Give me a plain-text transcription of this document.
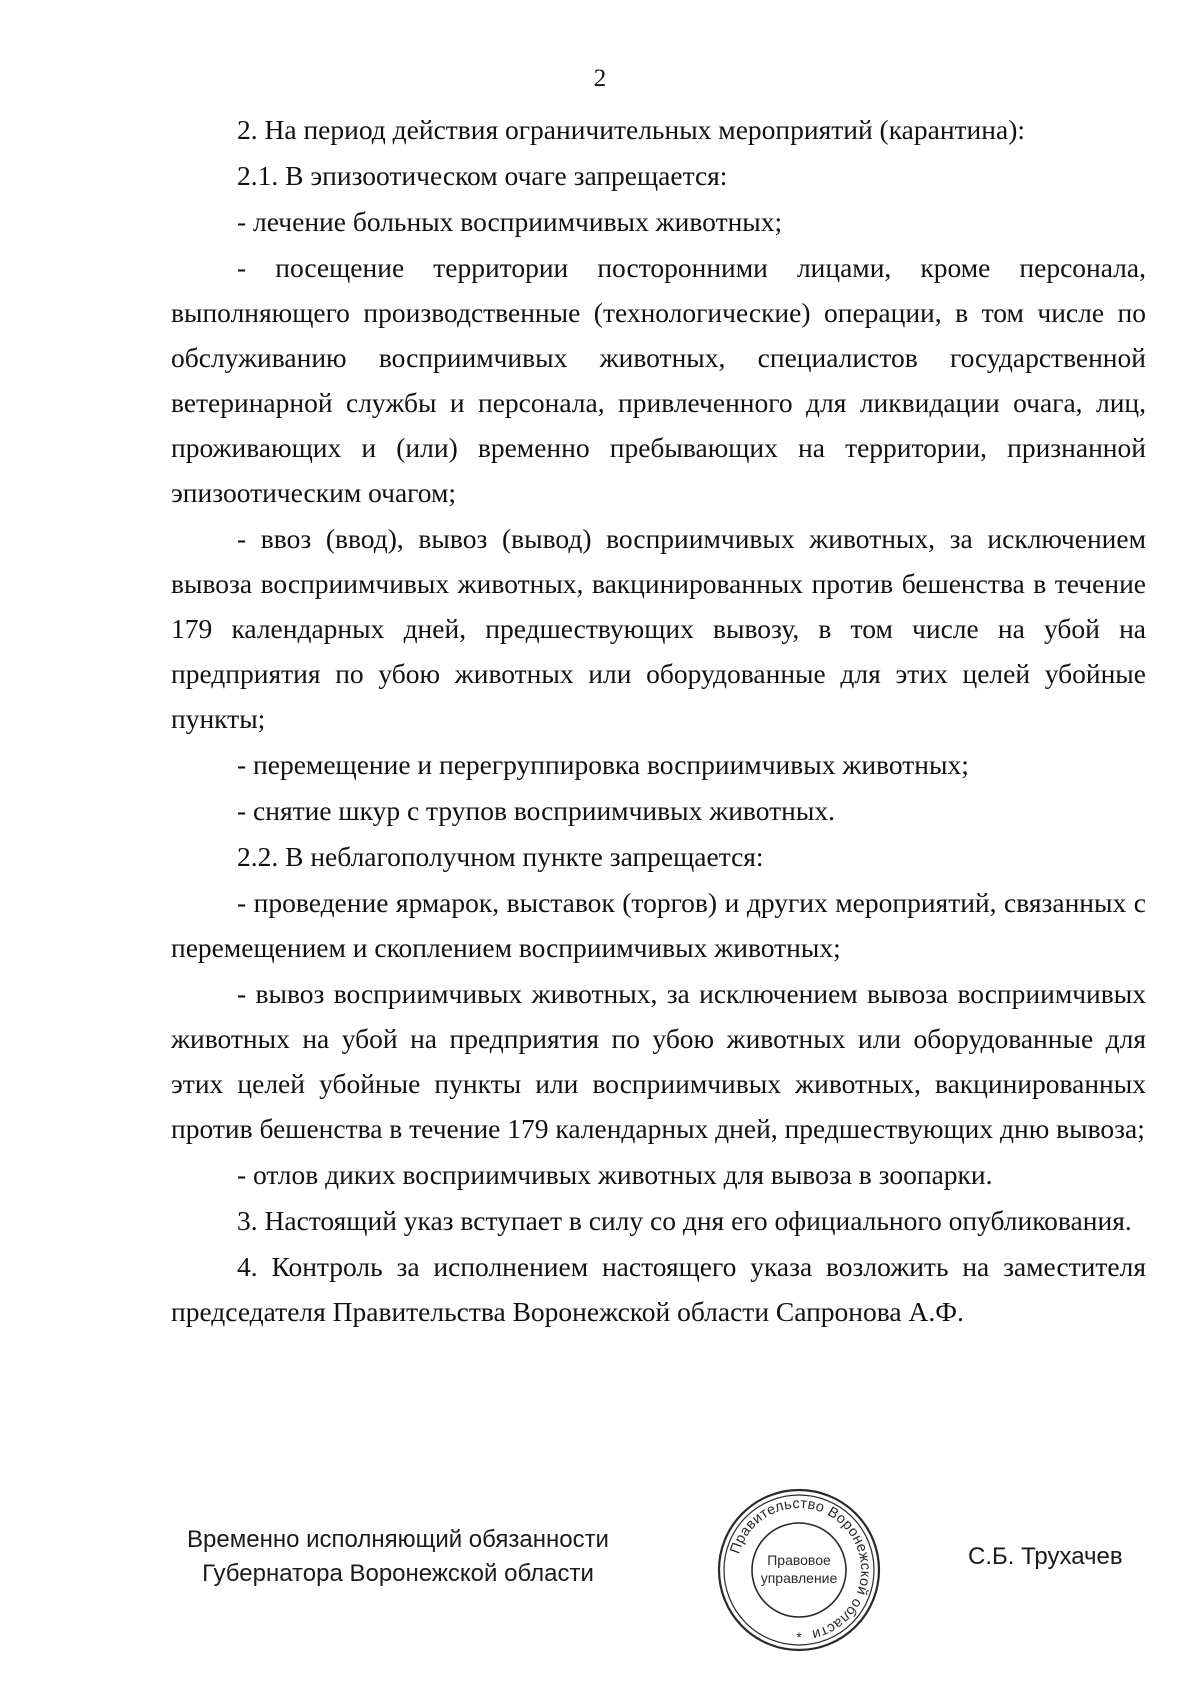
2

2. На период действия ограничительных мероприятий (карантина):

2.1. В эпизоотическом очаге запрещается:

- лечение больных восприимчивых животных;

- посещение территории посторонними лицами, кроме персонала, выполняющего производственные (технологические) операции, в том числе по обслуживанию восприимчивых животных, специалистов государственной ветеринарной службы и персонала, привлеченного для ликвидации очага, лиц, проживающих и (или) временно пребывающих на территории, признанной эпизоотическим очагом;

- ввоз (ввод), вывоз (вывод) восприимчивых животных, за исключением вывоза восприимчивых животных, вакцинированных против бешенства в течение 179 календарных дней, предшествующих вывозу, в том числе на убой на предприятия по убою животных или оборудованные для этих целей убойные пункты;

- перемещение и перегруппировка восприимчивых животных;

- снятие шкур с трупов восприимчивых животных.

2.2. В неблагополучном пункте запрещается:

- проведение ярмарок, выставок (торгов) и других мероприятий, связанных с перемещением и скоплением восприимчивых животных;

- вывоз восприимчивых животных, за исключением вывоза восприимчивых животных на убой на предприятия по убою животных или оборудованные для этих целей убойные пункты или восприимчивых животных, вакцинированных против бешенства в течение 179 календарных дней, предшествующих дню вывоза;

- отлов диких восприимчивых животных для вывоза в зоопарки.

3. Настоящий указ вступает в силу со дня его официального опубликования.

4. Контроль за исполнением настоящего указа возложить на заместителя председателя Правительства Воронежской области Сапронова А.Ф.

Временно исполняющий обязанности
Губернатора Воронежской области
Правительство Воронежской области
Правовое
управление
*
С.Б. Трухачев
